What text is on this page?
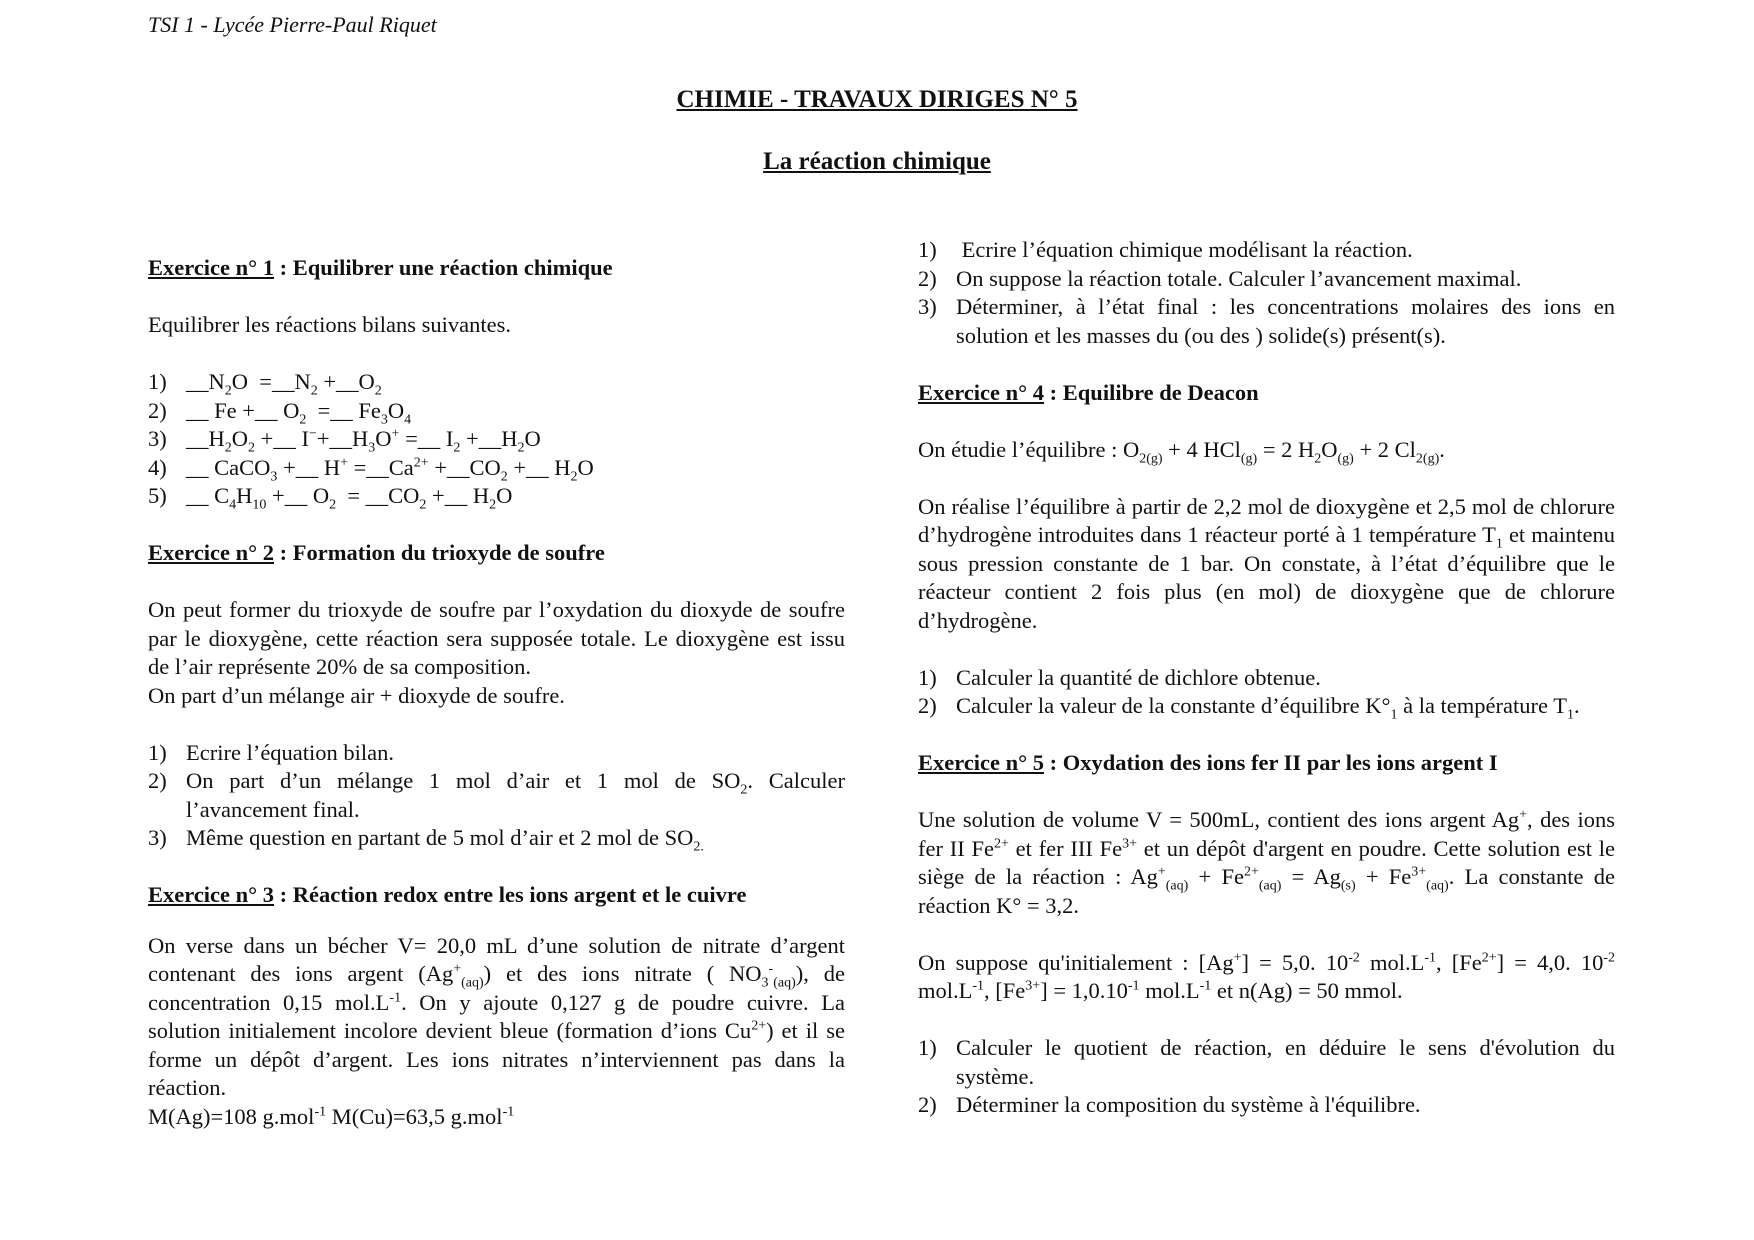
TSI 1 - Lycée Pierre-Paul Riquet
CHIMIE - TRAVAUX DIRIGES N° 5
La réaction chimique

Exercice n° 1 : Equilibrer une réaction chimique

Equilibrer les réactions bilans suivantes.

1) $\_\_N_2O$  $=\_\_N_2$ $+\_\_O_2$
2) __ Fe +__ $O_2$  =__ $Fe_3O_4$
3) $\_\_H_2O_2$ +__ $I^-+\_\_H_3O^+$ =__ $I_2$ $+\_\_H_2O$
4) __ CaCO$_3$ +__ $H^+ =\_\_Ca^{2+}$ $+\_\_CO_2$ +__ $H_2O$
5) __ $C_4H_{10}$ +__ $O_2$  = $\_\_CO_2$ +__ $H_2O$

Exercice n° 2 : Formation du trioxyde de soufre

On peut former du trioxyde de soufre par l’oxydation du dioxyde de soufre par le dioxygène, cette réaction sera supposée totale. Le dioxygène est issu de l’air représente 20% de sa composition.

On part d’un mélange air + dioxyde de soufre.

1) Ecrire l’équation bilan.
2) On part d’un mélange 1 mol d’air et 1 mol de $SO_2$. Calculer l’avancement final.
3) Même question en partant de 5 mol d’air et 2 mol de $SO_{2.}$

Exercice n° 3 : Réaction redox entre les ions argent et le cuivre

On verse dans un bécher V= 20,0 mL d’une solution de nitrate d’argent contenant des ions argent $(Ag^+_{(aq)})$ et des ions nitrate ( $NO_3^-_{(aq)}$), de concentration 0,15 $mol.L^{-1}$. On y ajoute 0,127 g de poudre cuivre. La solution initialement incolore devient bleue (formation d’ions $Cu^{2+}$) et il se forme un dépôt d’argent. Les ions nitrates n’interviennent pas dans la réaction.

M(Ag)=108 g.mol$^{-1}$ M(Cu)=63,5 g.mol$^{-1}$

1) Ecrire l’équation chimique modélisant la réaction.
2) On suppose la réaction totale. Calculer l’avancement maximal.
3) Déterminer, à l’état final : les concentrations molaires des ions en solution et les masses du (ou des ) solide(s) présent(s).

Exercice n° 4 : Equilibre de Deacon

On étudie l’équilibre : $O_{2(g)} + 4$ HCl$_{(g)}$ = 2 $H_2O_{(g)} + 2$ $Cl_{2(g)}$.

On réalise l’équilibre à partir de 2,2 mol de dioxygène et 2,5 mol de chlorure d’hydrogène introduites dans 1 réacteur porté à 1 température $T_1$ et maintenu sous pression constante de 1 bar. On constate, à l’état d’équilibre que le réacteur contient 2 fois plus (en mol) de dioxygène que de chlorure d’hydrogène.

1) Calculer la quantité de dichlore obtenue.
2) Calculer la valeur de la constante d’équilibre $K^\circ_1$ à la température $T_1$.

Exercice n° 5 : Oxydation des ions fer II par les ions argent I

Une solution de volume V = 500mL, contient des ions argent Ag+, des ions fer II $Fe^{2+}$ et fer III $Fe^{3+}$ et un dépôt d'argent en poudre. Cette solution est le siège de la réaction : $Ag^+_{(aq)} + Fe^{2+}_{(aq)} = Ag_{(s)} + Fe^{3+}_{(aq)}$. La constante de réaction K° = 3,2.

On suppose qu'initialement : [Ag+] = 5,0. $10^{-2}$ $mol.L^{-1}$, $[Fe^{2+}] = 4,0$. $10^{-2}$ $mol.L^{-1}$, $[Fe^{3+}] = 1,0.10^{-1}$ $mol.L^{-1}$ et n(Ag) = 50 mmol.

1) Calculer le quotient de réaction, en déduire le sens d'évolution du système.
2) Déterminer la composition du système à l'équilibre.
